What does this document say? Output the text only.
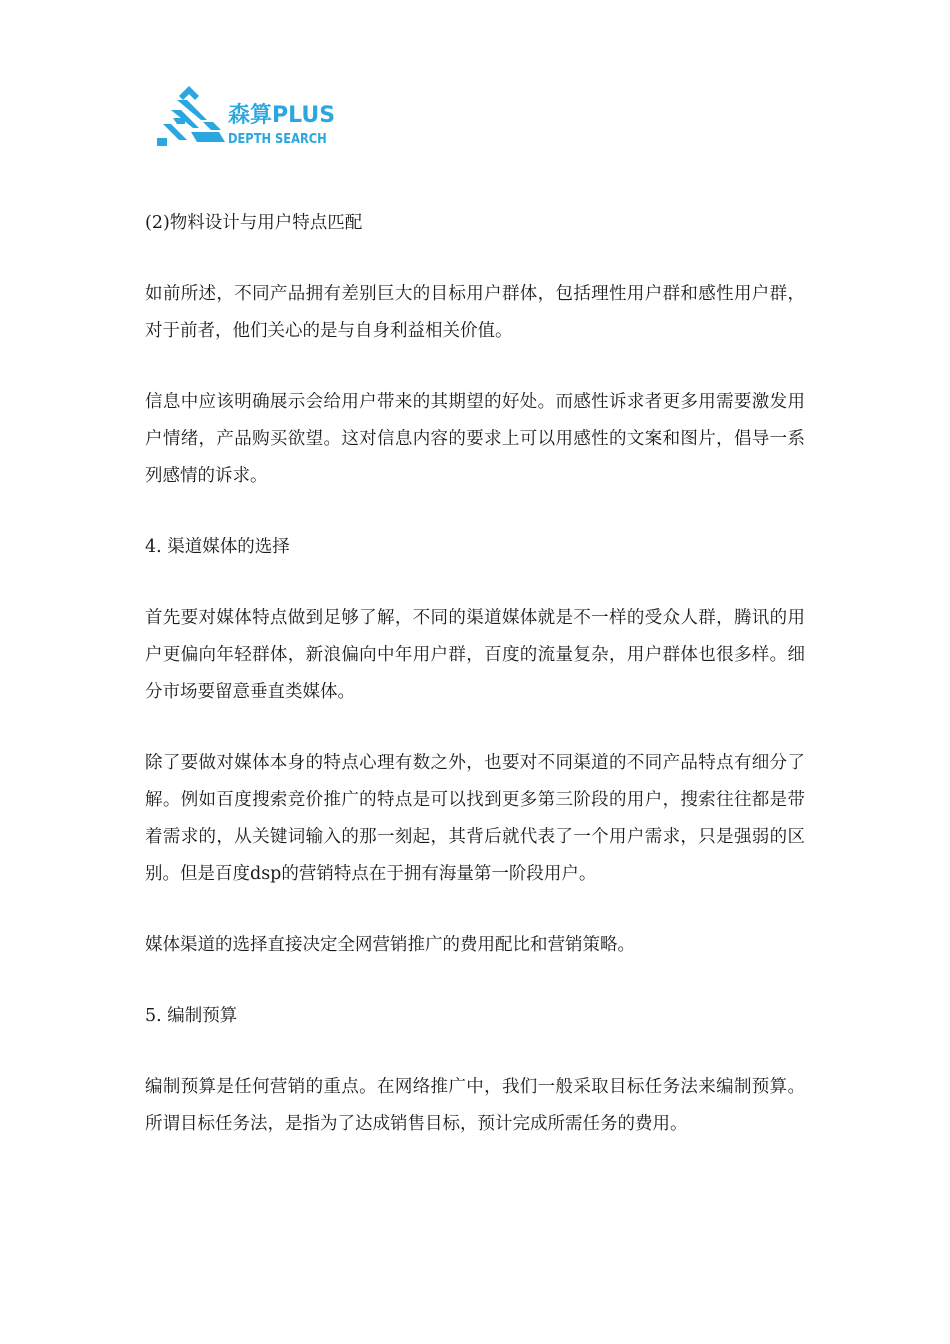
森算PLUS
DEPTH SEARCH
(2)物料设计与用户特点匹配
如前所述，不同产品拥有差别巨大的目标用户群体，包括理性用户群和感性用户群，对于前者，他们关心的是与自身利益相关价值。
信息中应该明确展示会给用户带来的其期望的好处。而感性诉求者更多用需要激发用户情绪，产品购买欲望。这对信息内容的要求上可以用感性的文案和图片，倡导一系列感情的诉求。
4. 渠道媒体的选择
首先要对媒体特点做到足够了解，不同的渠道媒体就是不一样的受众人群，腾讯的用户更偏向年轻群体，新浪偏向中年用户群，百度的流量复杂，用户群体也很多样。细分市场要留意垂直类媒体。
除了要做对媒体本身的特点心理有数之外，也要对不同渠道的不同产品特点有细分了解。例如百度搜索竞价推广的特点是可以找到更多第三阶段的用户，搜索往往都是带着需求的，从关键词输入的那一刻起，其背后就代表了一个用户需求，只是强弱的区别。但是百度dsp的营销特点在于拥有海量第一阶段用户。
媒体渠道的选择直接决定全网营销推广的费用配比和营销策略。
5. 编制预算
编制预算是任何营销的重点。在网络推广中，我们一般采取目标任务法来编制预算。所谓目标任务法，是指为了达成销售目标，预计完成所需任务的费用。
